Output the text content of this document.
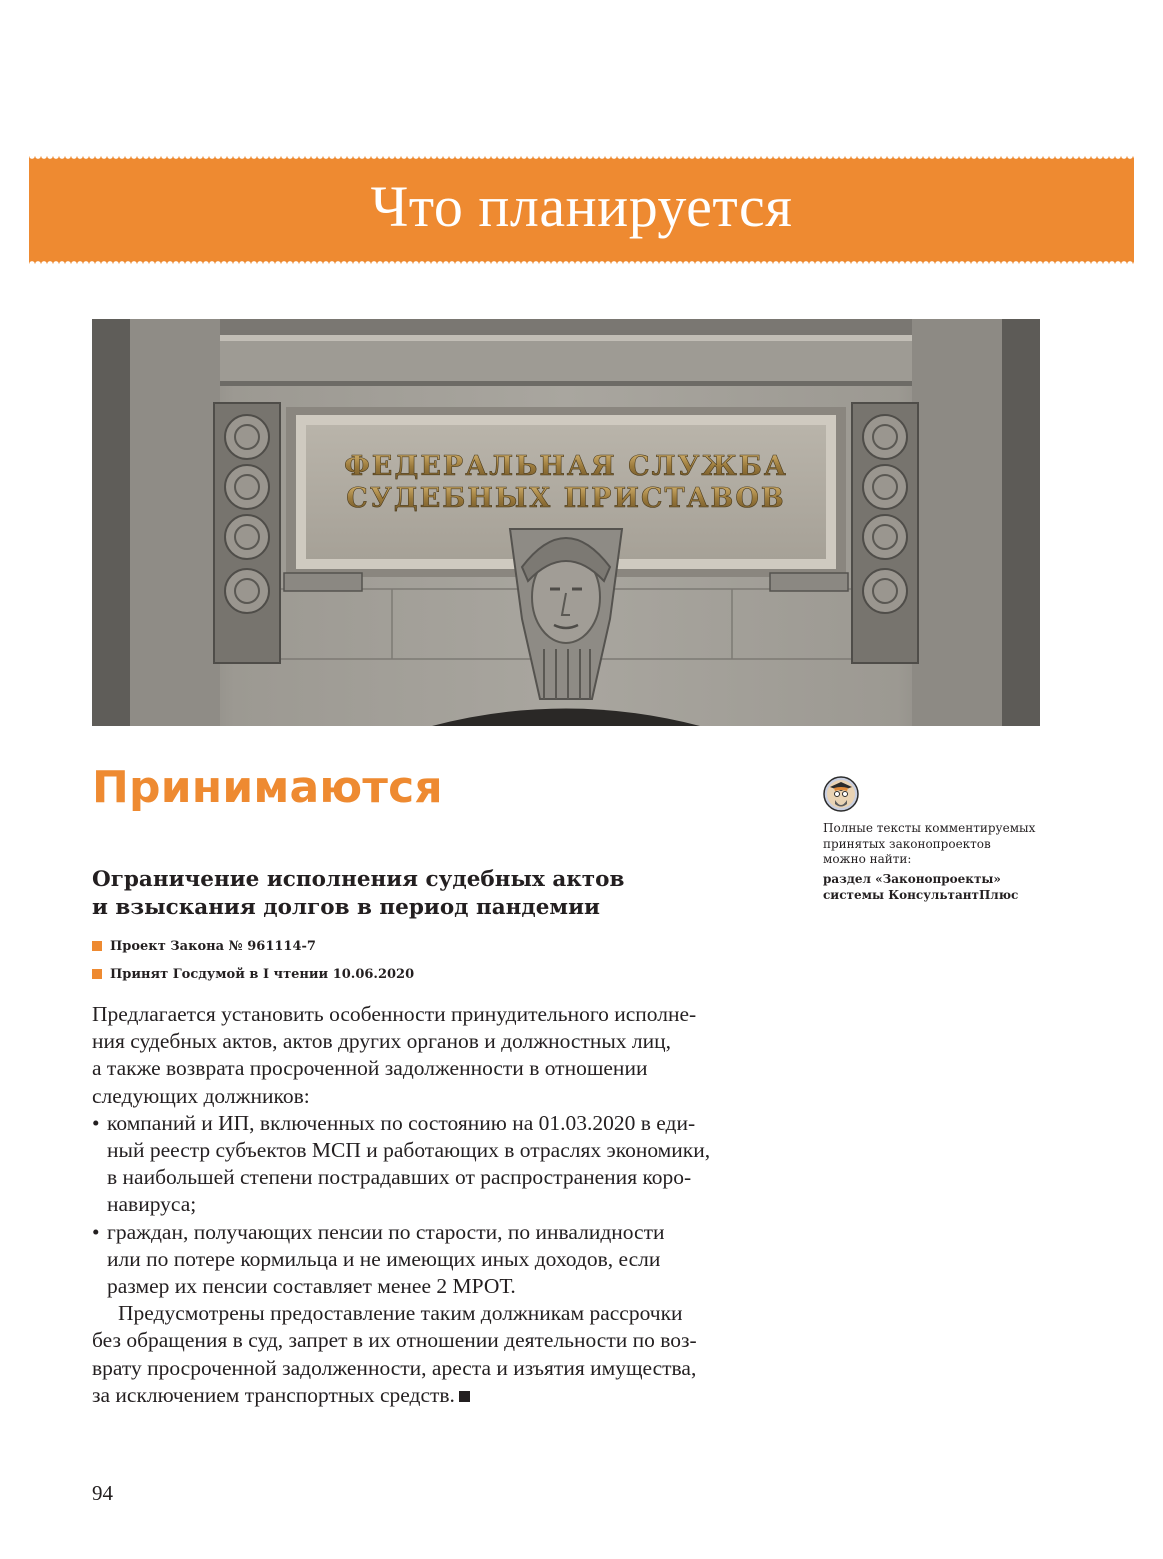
Что планируется
ФЕДЕРАЛЬНАЯ СЛУЖБА
СУДЕБНЫХ ПРИСТАВОВ
Принимаются
Ограничение исполнения судебных актов
и взыскания долгов в период пандемии
Проект Закона № 961114-7
Принят Госдумой в I чтении 10.06.2020

Предлагается установить особенности принудительного исполне-
ния судебных актов, актов других органов и должностных лиц,
а также возврата просроченной задолженности в отношении
следующих должников:

• компаний и ИП, включенных по состоянию на 01.03.2020 в еди-
ный реестр субъектов МСП и работающих в отраслях экономики,
в наибольшей степени пострадавших от распространения коро-
навируса;

• граждан, получающих пенсии по старости, по инвалидности
или по потере кормильца и не имеющих иных доходов, если
размер их пенсии составляет менее 2 МРОТ.

Предусмотрены предоставление таким должникам рассрочки
без обращения в суд, запрет в их отношении деятельности по воз-
врату просроченной задолженности, ареста и изъятия имущества,
за исключением транспортных средств.

Полные тексты комментируемых
принятых законопроектов
можно найти:
раздел «Законопроекты»
системы КонсультантПлюс
94
